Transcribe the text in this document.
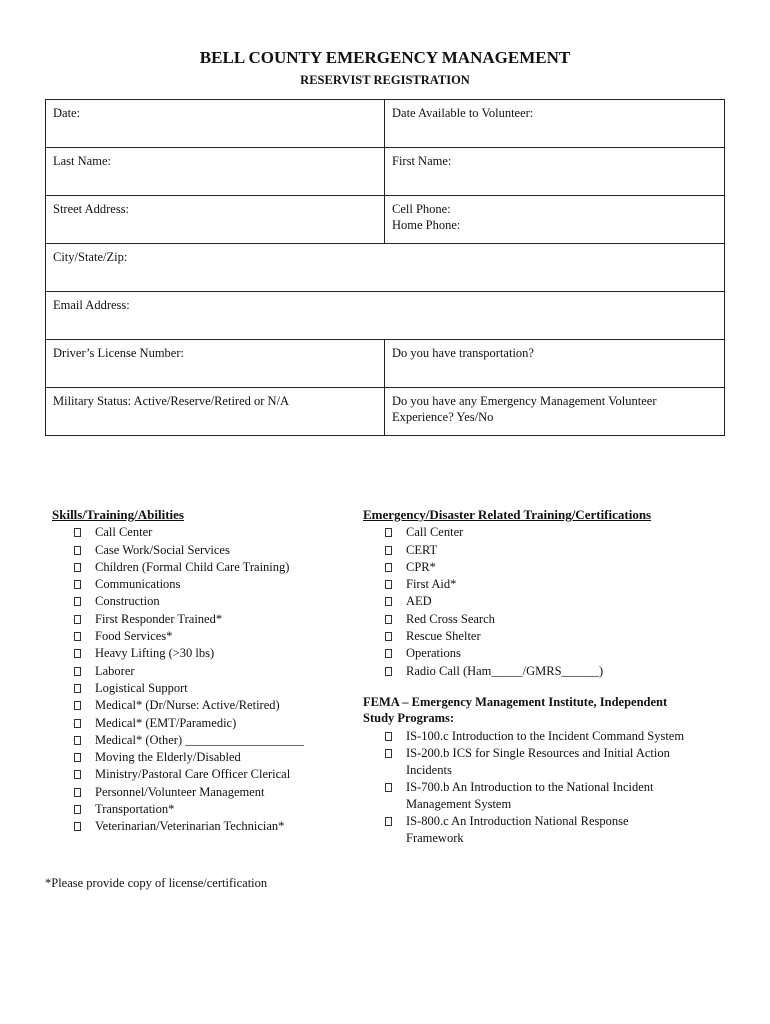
BELL COUNTY EMERGENCY MANAGEMENT
RESERVIST REGISTRATION
Date:	Date Available to Volunteer:
Last Name:	First Name:
Street Address:	Cell Phone:
Home Phone:

City/State/Zip:	
Email Address:	
Driver’s License Number:	Do you have transportation?
Military Status: Active/Reserve/Retired or N/A	Do you have any Emergency Management Volunteer
Experience? Yes/No
Skills/Training/Abilities
Call Center
Case Work/Social Services
Children (Formal Child Care Training)
Communications
Construction
First Responder Trained*
Food Services*
Heavy Lifting (>30 lbs)
Laborer
Logistical Support
Medical* (Dr/Nurse: Active/Retired)
Medical* (EMT/Paramedic)
Medical* (Other) ___________________
Moving the Elderly/Disabled
Ministry/Pastoral Care Officer Clerical
Personnel/Volunteer Management
Transportation*
Veterinarian/Veterinarian Technician*
Emergency/Disaster Related Training/Certifications
Call Center
CERT
CPR*
First Aid*
AED
Red Cross Search
Rescue Shelter
Operations
Radio Call (Ham_____/GMRS______)
FEMA – Emergency Management Institute, Independent
Study Programs:
IS-100.c Introduction to the Incident Command System
IS-200.b ICS for Single Resources and Initial Action
Incidents
IS-700.b An Introduction to the National Incident
Management System
IS-800.c An Introduction National Response
Framework
*Please provide copy of license/certification
